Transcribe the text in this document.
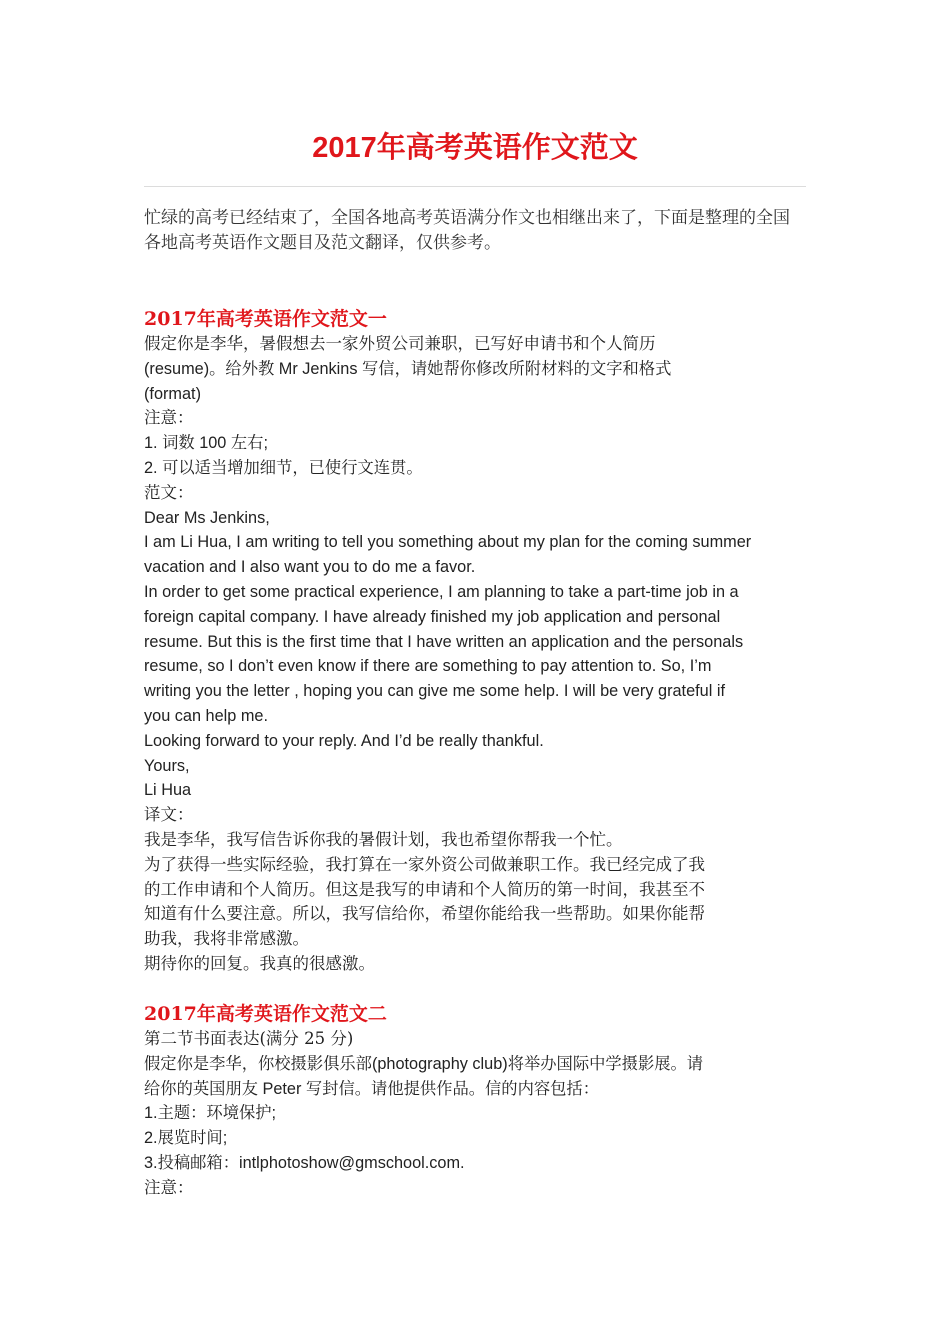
2017年高考英语作文范文
忙绿的高考已经结束了，全国各地高考英语满分作文也相继出来了，下面是整理的全国各地高考英语作文题目及范文翻译，仅供参考。
2017年高考英语作文范文一
假定你是李华，暑假想去一家外贸公司兼职，已写好申请书和个人简历
(resume)。给外教 Mr Jenkins 写信，请她帮你修改所附材料的文字和格式
(format)
注意：
1. 词数 100 左右;
2. 可以适当增加细节，已使行文连贯。
范文：
Dear Ms Jenkins,
I am Li Hua, I am writing to tell you something about my plan for the coming summer
vacation and I also want you to do me a favor.
In order to get some practical experience, I am planning to take a part-time job in a
foreign capital company. I have already finished my job application and personal
resume. But this is the first time that I have written an application and the personals
resume, so I don’t even know if there are something to pay attention to. So, I’m
writing you the letter , hoping you can give me some help. I will be very grateful if
you can help me.
Looking forward to your reply. And I’d be really thankful.
Yours,
Li Hua
译文：
我是李华，我写信告诉你我的暑假计划，我也希望你帮我一个忙。
为了获得一些实际经验，我打算在一家外资公司做兼职工作。我已经完成了我
的工作申请和个人简历。但这是我写的申请和个人简历的第一时间，我甚至不
知道有什么要注意。所以，我写信给你，希望你能给我一些帮助。如果你能帮
助我，我将非常感激。
期待你的回复。我真的很感激。
2017年高考英语作文范文二
第二节书面表达(满分 25 分)
假定你是李华，你校摄影俱乐部(photography club)将举办国际中学摄影展。请
给你的英国朋友 Peter 写封信。请他提供作品。信的内容包括：
1.主题：环境保护;
2.展览时间;
3.投稿邮箱：intlphotoshow@gmschool.com.
注意：
